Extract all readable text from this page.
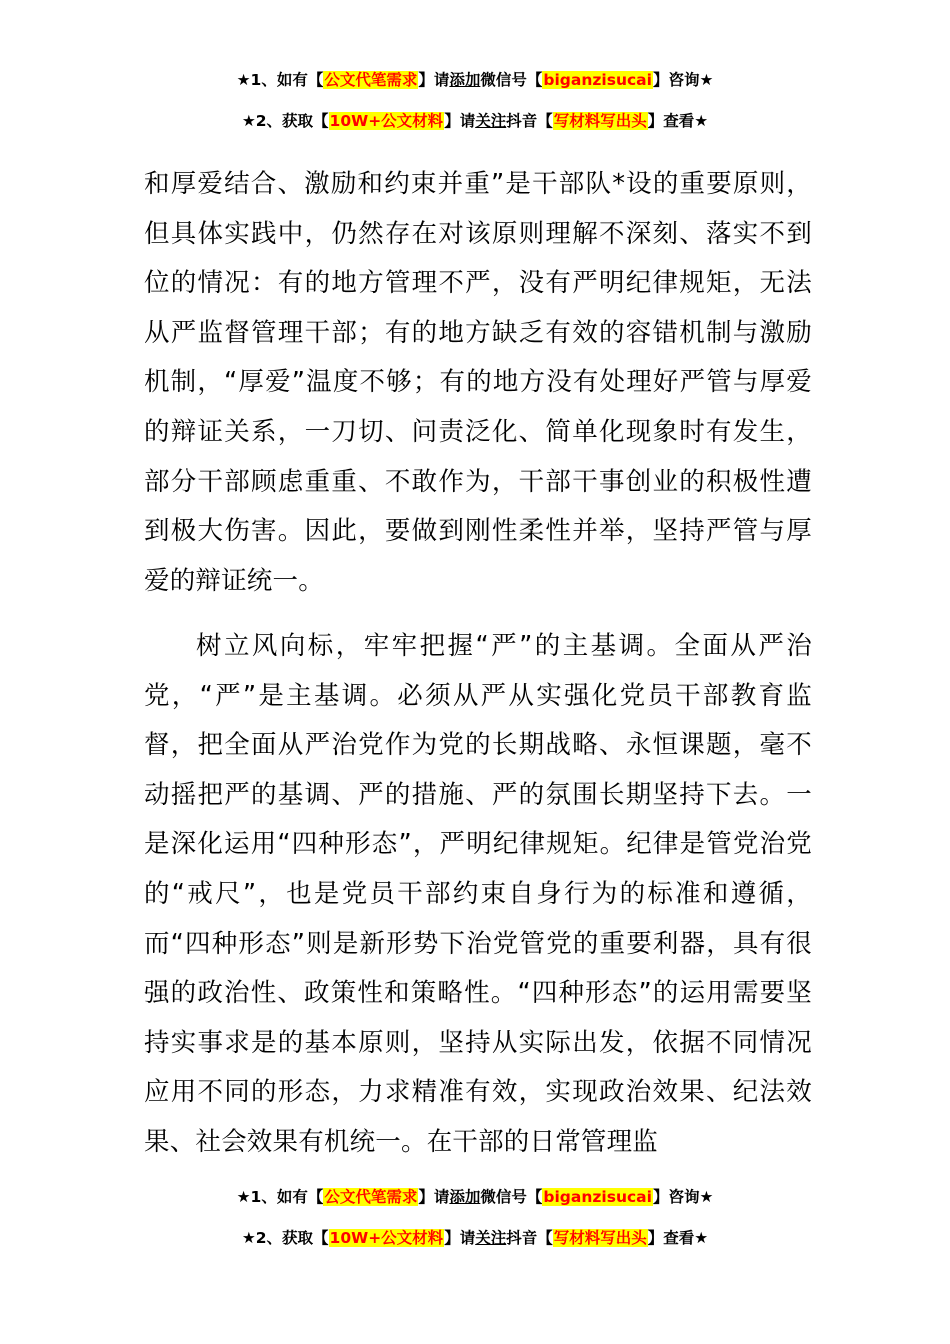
★1、如有【公文代笔需求】请添加微信号【biganzisucai】咨询★
★2、获取【10W+公文材料】请关注抖音【写材料写出头】查看★

和厚爱结合、激励和约束并重”是干部队*设的重要原则，但具体实践中，仍然存在对该原则理解不深刻、落实不到位的情况：有的地方管理不严，没有严明纪律规矩，无法从严监督管理干部；有的地方缺乏有效的容错机制与激励机制，“厚爱”温度不够；有的地方没有处理好严管与厚爱的辩证关系，一刀切、问责泛化、简单化现象时有发生，部分干部顾虑重重、不敢作为，干部干事创业的积极性遭到极大伤害。因此，要做到刚性柔性并举，坚持严管与厚爱的辩证统一。

树立风向标，牢牢把握“严”的主基调。全面从严治党，“严”是主基调。必须从严从实强化党员干部教育监督，把全面从严治党作为党的长期战略、永恒课题，毫不动摇把严的基调、严的措施、严的氛围长期坚持下去。一是深化运用“四种形态”，严明纪律规矩。纪律是管党治党的“戒尺”，也是党员干部约束自身行为的标准和遵循，而“四种形态”则是新形势下治党管党的重要利器，具有很强的政治性、政策性和策略性。“四种形态”的运用需要坚持实事求是的基本原则，坚持从实际出发，依据不同情况应用不同的形态，力求精准有效，实现政治效果、纪法效果、社会效果有机统一。在干部的日常管理监

★1、如有【公文代笔需求】请添加微信号【biganzisucai】咨询★
★2、获取【10W+公文材料】请关注抖音【写材料写出头】查看★
